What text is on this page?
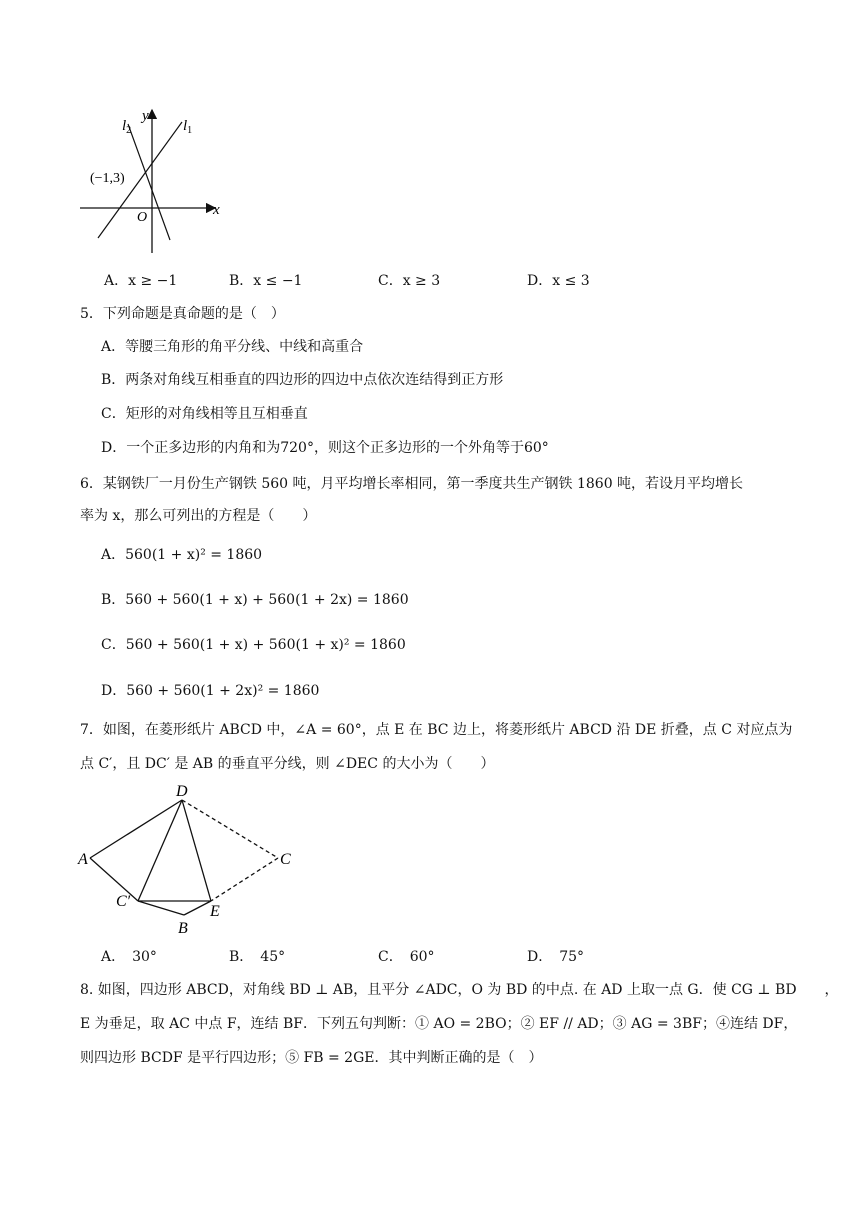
y
x
O
$l_1$
$l_2$
(−1,3)
A．x ≥ −1	B．x ≤ −1	C．x ≥ 3	D．x ≤ 3
5．下列命题是真命题的是（　）
A．等腰三角形的角平分线、中线和高重合
B．两条对角线互相垂直的四边形的四边中点依次连结得到正方形
C．矩形的对角线相等且互相垂直
D．一个正多边形的内角和为720°，则这个正多边形的一个外角等于60°
6．某钢铁厂一月份生产钢铁 560 吨，月平均增长率相同，第一季度共生产钢铁 1860 吨，若设月平均增长
率为 x，那么可列出的方程是（　　）
A．560(1 + x)² = 1860
B．560 + 560(1 + x) + 560(1 + 2x) = 1860
C．560 + 560(1 + x) + 560(1 + x)² = 1860
D．560 + 560(1 + 2x)² = 1860
7．如图，在菱形纸片 ABCD 中，∠A = 60°，点 E 在 BC 边上，将菱形纸片 ABCD 沿 DE 折叠，点 C 对应点为
点 C′，且 DC′ 是 AB 的垂直平分线，则 ∠DEC 的大小为（　　）
D
A	C
C′
E
B
A．　30°	B．　45°	C．　60°	D．　75°
8. 如图，四边形 ABCD，对角线 BD ⊥ AB，且平分 ∠ADC，O 为 BD 的中点. 在 AD 上取一点 G．使 CG ⊥ BD　　，
E 为垂足，取 AC 中点 F，连结 BF．下列五句判断：① AO = 2BO；② EF // AD；③ AG = 3BF；④连结 DF，
则四边形 BCDF 是平行四边形；⑤ FB = 2GE．其中判断正确的是（　）
